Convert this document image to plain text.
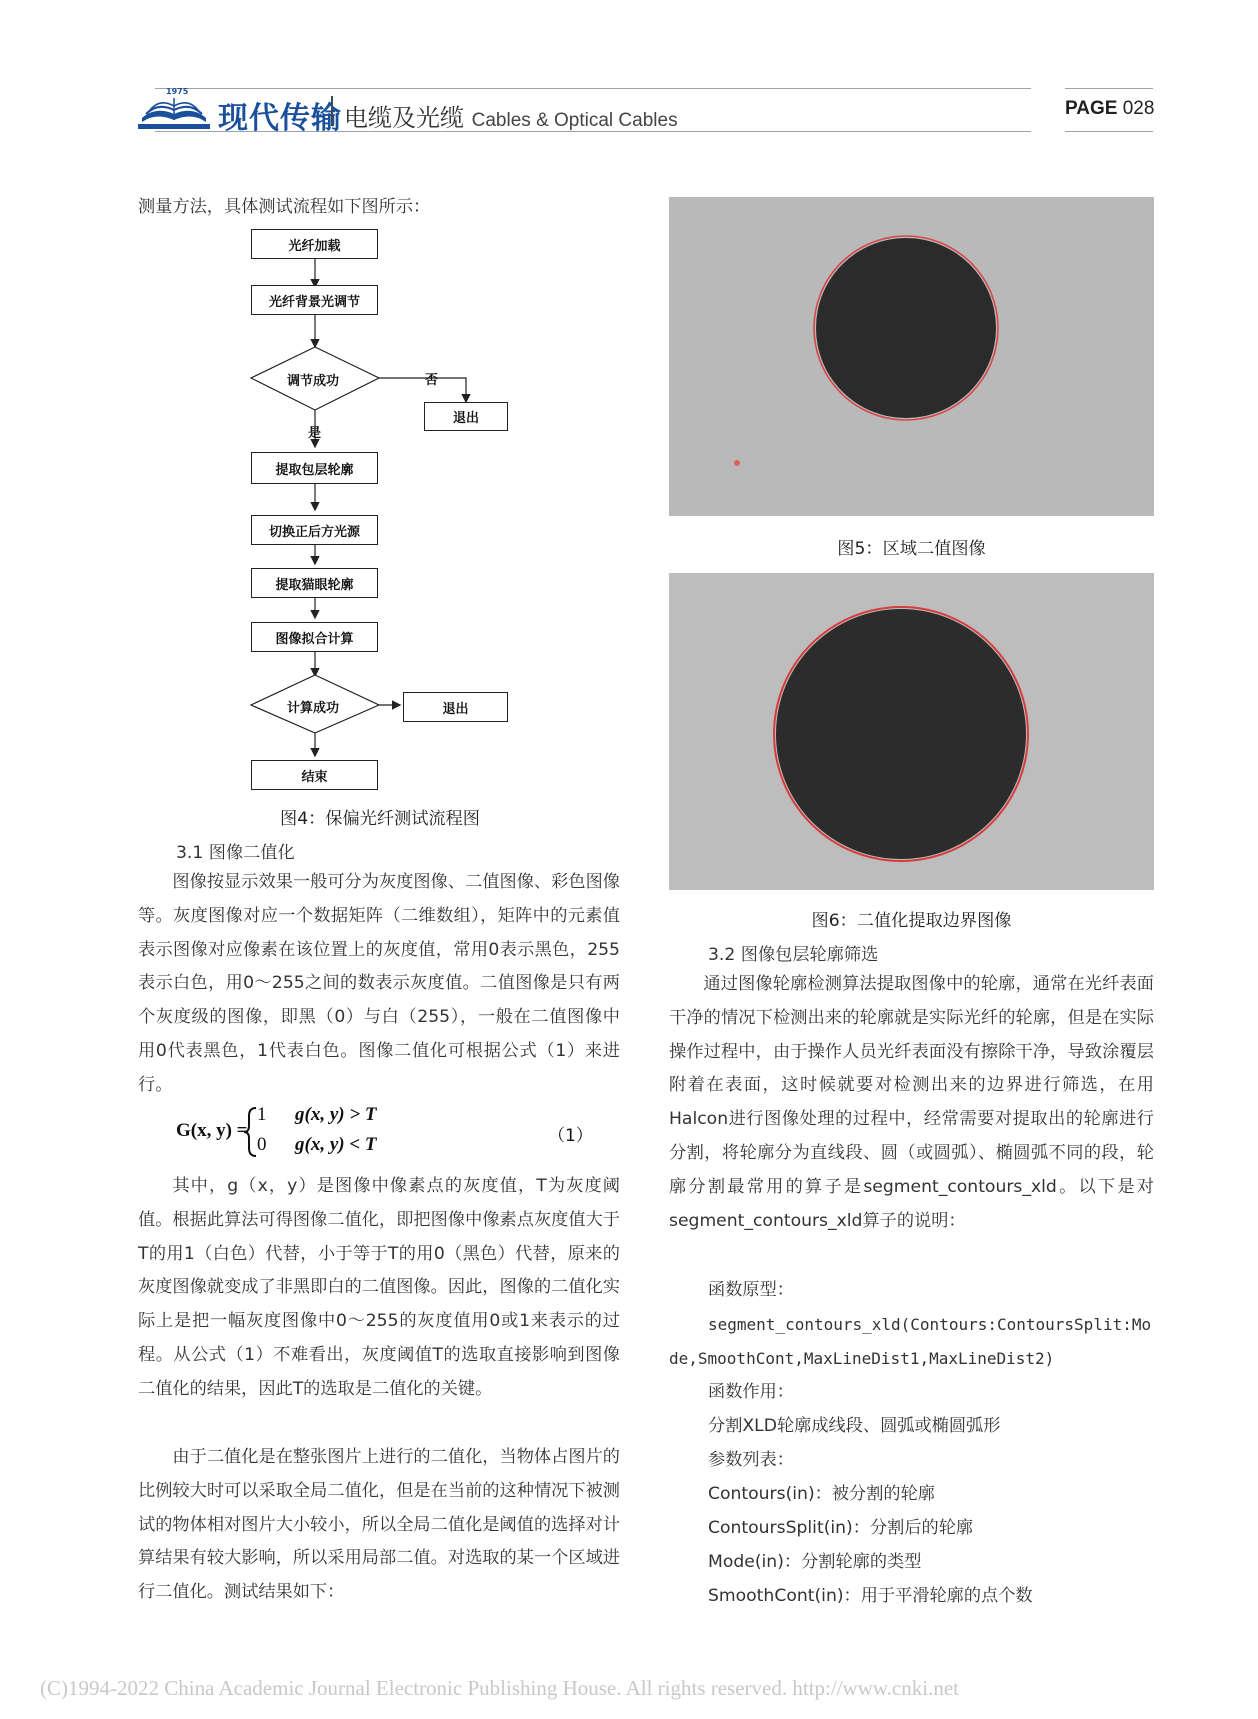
1975
现代传输 电缆及光缆 Cables & Optical Cables
PAGE 028
测量方法，具体测试流程如下图所示：
光纤加载
光纤背景光调节
调节成功	否
退出
是
提取包层轮廓
切换正后方光源
提取猫眼轮廓
图像拟合计算
计算成功	退出
结束
图4：保偏光纤测试流程图
3.1 图像二值化
图像按显示效果一般可分为灰度图像、二值图像、彩色图像等。灰度图像对应一个数据矩阵（二维数组），矩阵中的元素值表示图像对应像素在该位置上的灰度值，常用0表示黑色，255表示白色，用0～255之间的数表示灰度值。二值图像是只有两个灰度级的图像，即黑（0）与白（255），一般在二值图像中用0代表黑色，1代表白色。图像二值化可根据公式（1）来进行。
G(x, y) =
1 g(x, y) > T
0 g(x, y) < T	（1）
其中，g（x，y）是图像中像素点的灰度值，T为灰度阈值。根据此算法可得图像二值化，即把图像中像素点灰度值大于T的用1（白色）代替，小于等于T的用0（黑色）代替，原来的灰度图像就变成了非黑即白的二值图像。因此，图像的二值化实际上是把一幅灰度图像中0～255的灰度值用0或1来表示的过程。从公式（1）不难看出，灰度阈值T的选取直接影响到图像二值化的结果，因此T的选取是二值化的关键。
由于二值化是在整张图片上进行的二值化，当物体占图片的比例较大时可以采取全局二值化，但是在当前的这种情况下被测试的物体相对图片大小较小，所以全局二值化是阈值的选择对计算结果有较大影响，所以采用局部二值。对选取的某一个区域进行二值化。测试结果如下：
图5：区域二值图像
图6：二值化提取边界图像
3.2 图像包层轮廓筛选
通过图像轮廓检测算法提取图像中的轮廓，通常在光纤表面干净的情况下检测出来的轮廓就是实际光纤的轮廓，但是在实际操作过程中，由于操作人员光纤表面没有擦除干净，导致涂覆层附着在表面，这时候就要对检测出来的边界进行筛选，在用Halcon进行图像处理的过程中，经常需要对提取出的轮廓进行分割，将轮廓分为直线段、圆（或圆弧）、椭圆弧不同的段，轮廓分割最常用的算子是segment_contours_xld。以下是对segment_contours_xld算子的说明：
函数原型：
segment_contours_xld(Contours:ContoursSplit:Mode,SmoothCont,MaxLineDist1,MaxLineDist2)
函数作用：
分割XLD轮廓成线段、圆弧或椭圆弧形
参数列表：
Contours(in)：被分割的轮廓
ContoursSplit(in)：分割后的轮廓
Mode(in)：分割轮廓的类型
SmoothCont(in)：用于平滑轮廓的点个数
(C)1994-2022 China Academic Journal Electronic Publishing House. All rights reserved. http://www.cnki.net
